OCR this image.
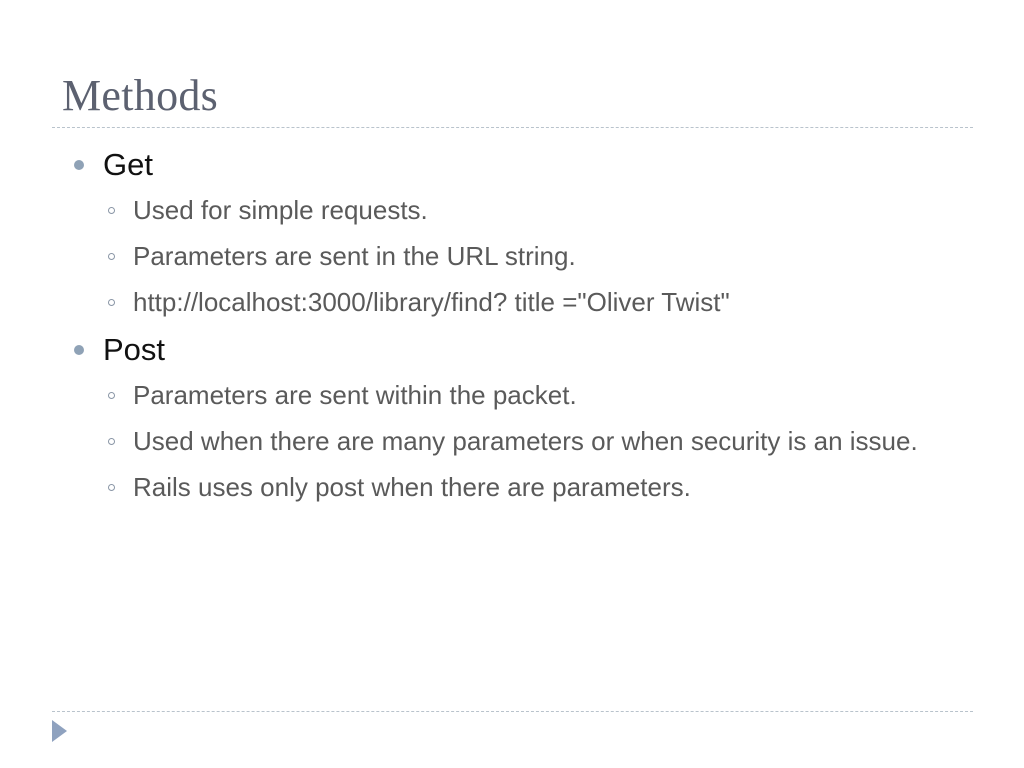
Methods
Get
Used for simple requests.
Parameters are sent in the URL string.
http://localhost:3000/library/find? title ="Oliver Twist"
Post
Parameters are sent within the packet.
Used when there are many parameters or when security is an issue.
Rails uses only post when there are parameters.
